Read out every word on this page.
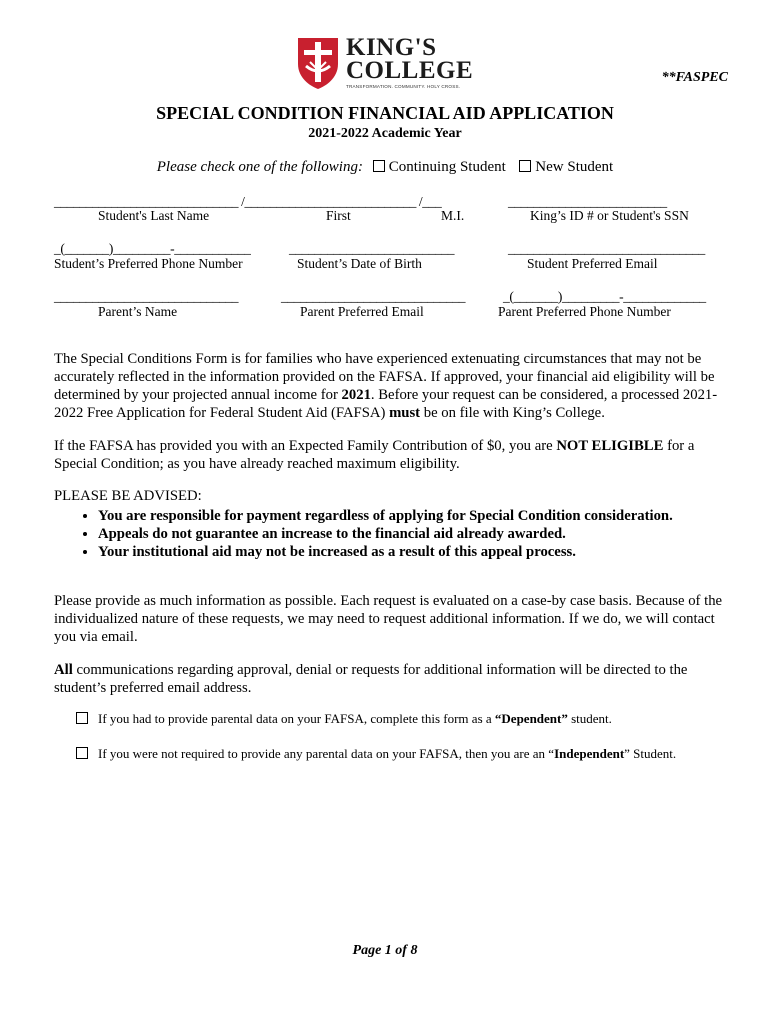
KING'S
COLLEGE
TRANSFORMATION. COMMUNITY. HOLY CROSS.
**FASPEC
SPECIAL CONDITION FINANCIAL AID APPLICATION
2021-2022 Academic Year
Please check one of the following: Continuing Student New Student
_____________________________ /___________________________ /___	_________________________
Student's Last Name	First	M.I.	King’s ID # or Student's SSN
_(_______)_________-____________	__________________________	_______________________________
Student’s Preferred Phone Number	Student’s Date of Birth	Student Preferred Email
_____________________________	_____________________________	_(_______)_________-_____________
Parent’s Name	Parent Preferred Email	Parent Preferred Phone Number
The Special Conditions Form is for families who have experienced extenuating circumstances that may not be accurately reflected in the information provided on the FAFSA. If approved, your financial aid eligibility will be determined by your projected annual income for 2021. Before your request can be considered, a processed 2021-2022 Free Application for Federal Student Aid (FAFSA) must be on file with King’s College.
If the FAFSA has provided you with an Expected Family Contribution of $0, you are NOT ELIGIBLE for a Special Condition; as you have already reached maximum eligibility.
PLEASE BE ADVISED:
• You are responsible for payment regardless of applying for Special Condition consideration.
• Appeals do not guarantee an increase to the financial aid already awarded.
• Your institutional aid may not be increased as a result of this appeal process.
Please provide as much information as possible. Each request is evaluated on a case-by case basis. Because of the individualized nature of these requests, we may need to request additional information. If we do, we will contact you via email.
All communications regarding approval, denial or requests for additional information will be directed to the student’s preferred email address.
If you had to provide parental data on your FAFSA, complete this form as a “Dependent” student.
If you were not required to provide any parental data on your FAFSA, then you are an “Independent” Student.
Page 1 of 8
